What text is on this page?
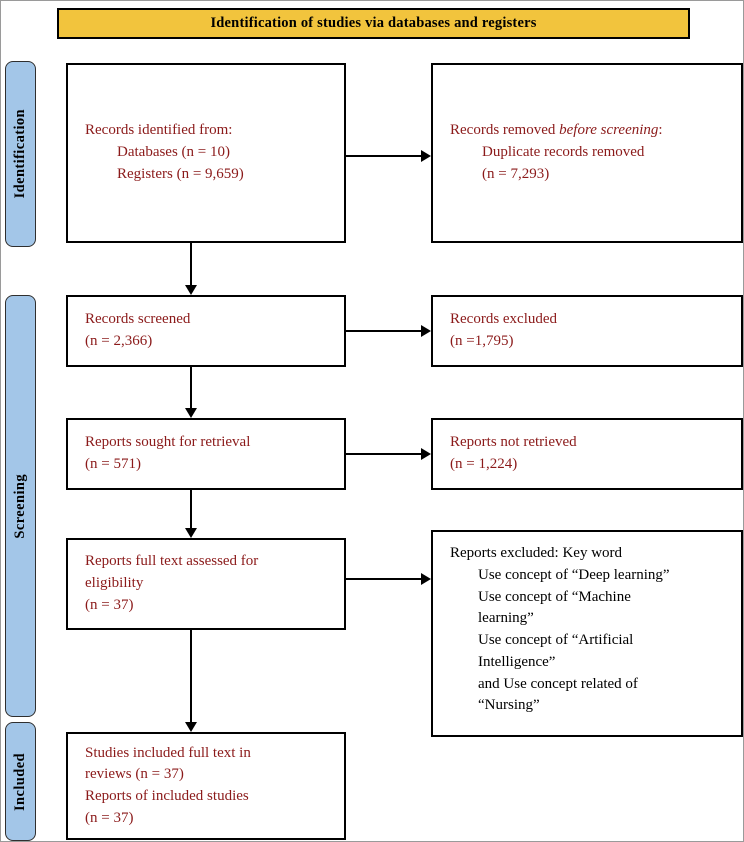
Identification of studies via databases and registers
Identification
Screening
Included
Records identified from:
Databases (n = 10)
Registers (n = 9,659)
Records removed before screening:
Duplicate records removed
(n = 7,293)
Records screened
(n = 2,366)
Records excluded
(n =1,795)
Reports sought for retrieval
(n = 571)
Reports not retrieved
(n = 1,224)
Reports full text assessed for
eligibility
(n = 37)
Reports excluded: Key word
Use concept of “Deep learning”
Use concept of “Machine
learning”
Use concept of “Artificial
Intelligence”
and Use concept related of
“Nursing”
Studies included full text in
reviews (n = 37)
Reports of included studies
(n = 37)
